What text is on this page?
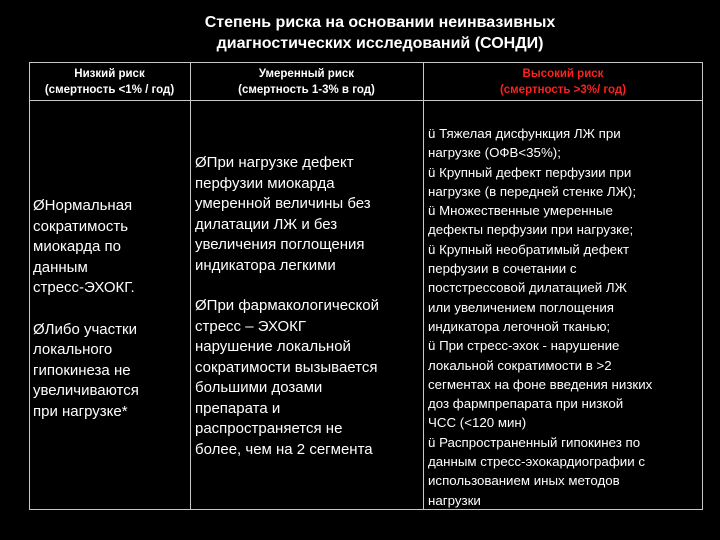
Степень риска на основании неинвазивных
диагностических исследований (СОНДИ)
Низкий риск
(смертность <1% / год)
Умеренный риск
(смертность 1-3% в год)
Высокий риск
(смертность >3%/ год)

ØНормальная

сократимость

миокарда по

данным

стресс-ЭХОКГ.

ØЛибо участки

локального

гипокинеза не

увеличиваются

при нагрузке*

ØПри нагрузке дефект

перфузии миокарда

умеренной величины без

дилатации ЛЖ и без

увеличения поглощения

индикатора легкими

ØПри фармакологической

стресс – ЭХОКГ

нарушение локальной

сократимости вызывается

большими дозами

препарата и

распространяется не

более, чем на 2 сегмента

ü Тяжелая дисфункция ЛЖ при

нагрузке (ОФВ<35%);

ü Крупный дефект перфузии при

нагрузке (в передней стенке ЛЖ);

ü Множественные умеренные

дефекты перфузии при нагрузке;

ü Крупный необратимый дефект

перфузии в сочетании с

постстрессовой дилатацией ЛЖ

или увеличением поглощения

индикатора легочной тканью;

ü При стресс-эхок - нарушение

локальной сократимости в >2

сегментах на фоне введения низких

доз фармпрепарата при низкой

ЧСС (<120 мин)

ü Распространенный гипокинез по

данным стресс-эхокардиографии с

использованием иных методов

нагрузки
